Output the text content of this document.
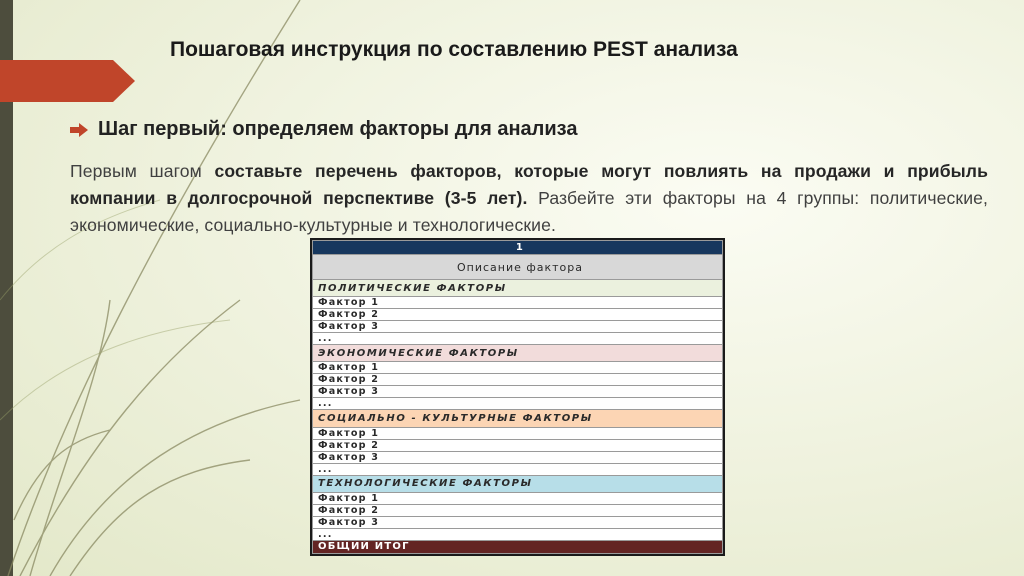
Пошаговая инструкция по составлению PEST анализа
Шаг первый: определяем факторы для анализа
Первым шагом составьте перечень факторов, которые могут повлиять на продажи и прибыль компании в долгосрочной перспективе (3-5 лет). Разбейте эти факторы на 4 группы: политические, экономические, социально-культурные и технологические.
1
Описание фактора
ПОЛИТИЧЕСКИЕ ФАКТОРЫ
Фактор 1
Фактор 2
Фактор 3
...
ЭКОНОМИЧЕСКИЕ ФАКТОРЫ
Фактор 1
Фактор 2
Фактор 3
...
СОЦИАЛЬНО - КУЛЬТУРНЫЕ ФАКТОРЫ
Фактор 1
Фактор 2
Фактор 3
...
ТЕХНОЛОГИЧЕСКИЕ ФАКТОРЫ
Фактор 1
Фактор 2
Фактор 3
...
ОБЩИЙ ИТОГ
